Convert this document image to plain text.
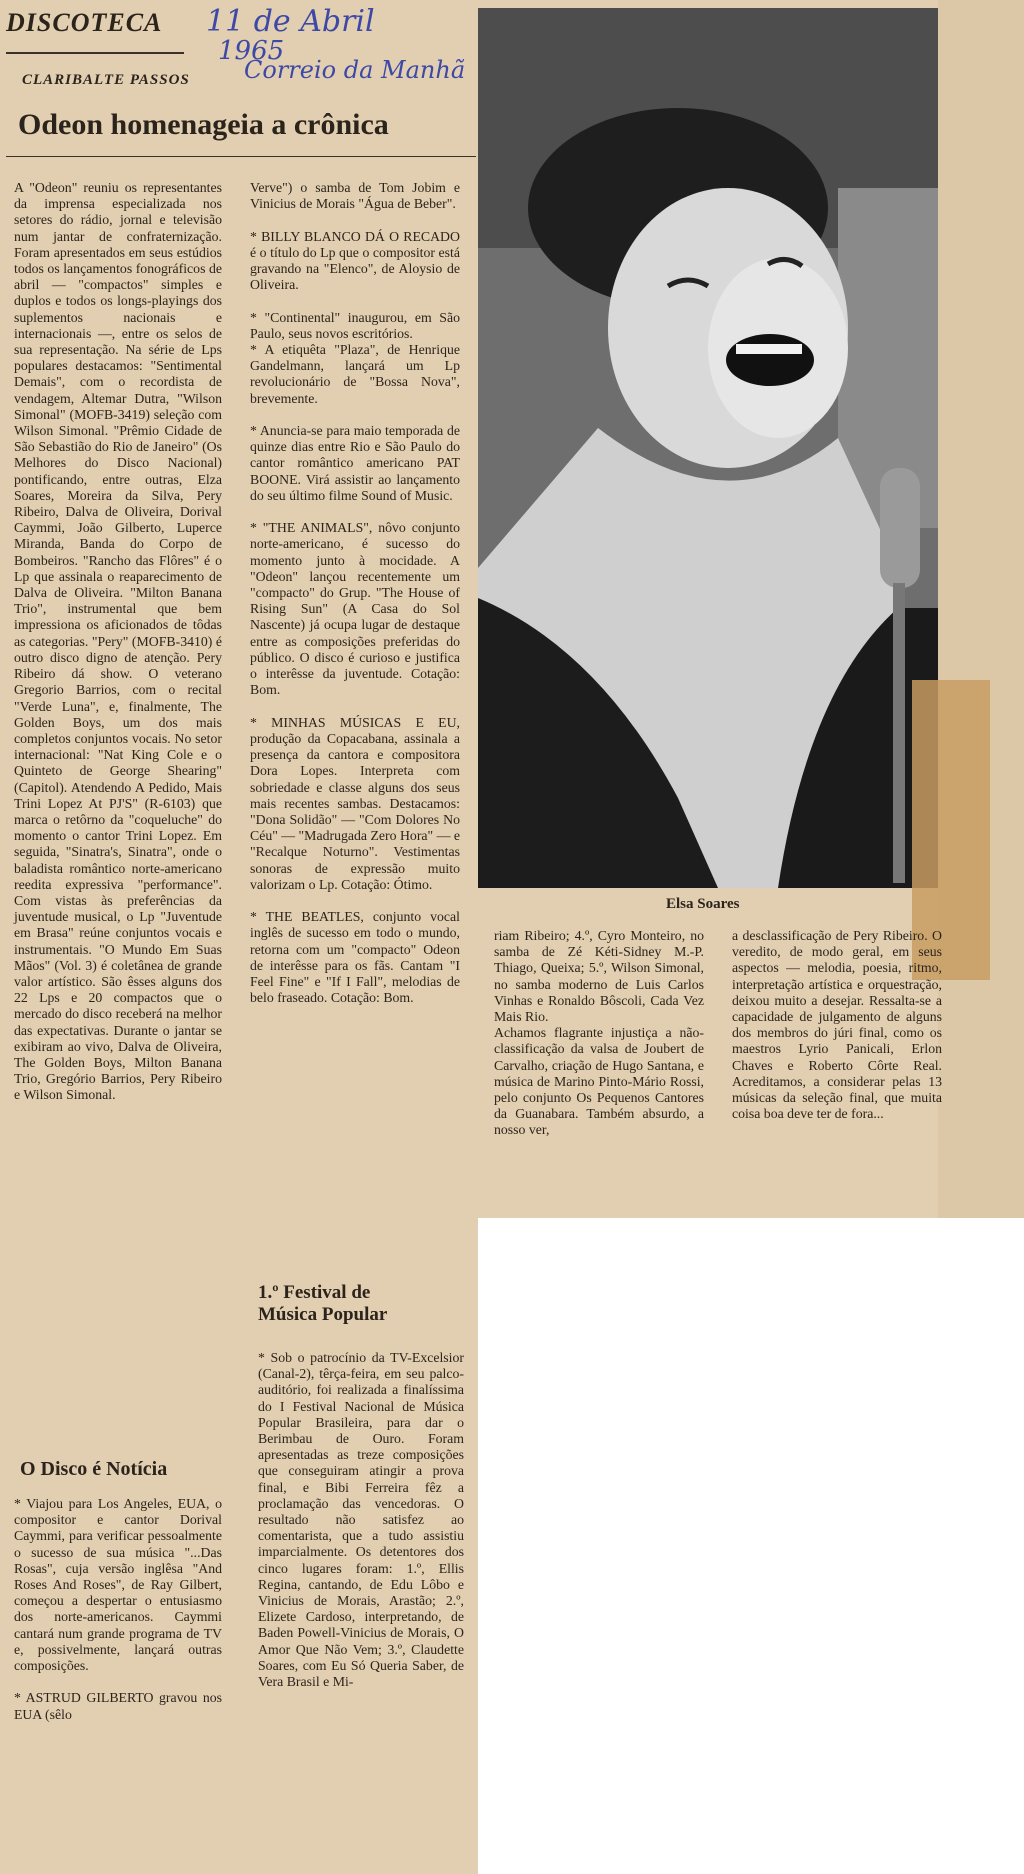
DISCOTECA
CLARIBALTE PASSOS
Odeon homenageia a crônica
11 de Abril
1965
Correio da Manhã

A "Odeon" reuniu os representantes da imprensa especializada nos setores do rádio, jornal e televisão num jantar de confraternização. Foram apresentados em seus estúdios todos os lançamentos fonográficos de abril — "compactos" simples e duplos e todos os longs-playings dos suplementos nacionais e internacionais —, entre os selos de sua representação. Na série de Lps populares destacamos: "Sentimental Demais", com o recordista de vendagem, Altemar Dutra, "Wilson Simonal" (MOFB-3419) seleção com Wilson Simonal. "Prêmio Cidade de São Sebastião do Rio de Janeiro" (Os Melhores do Disco Nacional) pontificando, entre outras, Elza Soares, Moreira da Silva, Pery Ribeiro, Dalva de Oliveira, Dorival Caymmi, João Gilberto, Luperce Miranda, Banda do Corpo de Bombeiros. "Rancho das Flôres" é o Lp que assinala o reaparecimento de Dalva de Oliveira. "Milton Banana Trio", instrumental que bem impressiona os aficionados de tôdas as categorias. "Pery" (MOFB-3410) é outro disco digno de atenção. Pery Ribeiro dá show. O veterano Gregorio Barrios, com o recital "Verde Luna", e, finalmente, The Golden Boys, um dos mais completos conjuntos vocais. No setor internacional: "Nat King Cole e o Quinteto de George Shearing" (Capitol). Atendendo A Pedido, Mais Trini Lopez At PJ'S" (R-6103) que marca o retôrno da "coqueluche" do momento o cantor Trini Lopez. Em seguida, "Sinatra's, Sinatra", onde o baladista romântico norte-americano reedita expressiva "performance". Com vistas às preferências da juventude musical, o Lp "Juventude em Brasa" reúne conjuntos vocais e instrumentais. "O Mundo Em Suas Mãos" (Vol. 3) é coletânea de grande valor artístico. São êsses alguns dos 22 Lps e 20 compactos que o mercado do disco receberá na melhor das expectativas. Durante o jantar se exibiram ao vivo, Dalva de Oliveira, The Golden Boys, Milton Banana Trio, Gregório Barrios, Pery Ribeiro e Wilson Simonal.

O Disco é Notícia

* Viajou para Los Angeles, EUA, o compositor e cantor Dorival Caymmi, para verificar pessoalmente o sucesso de sua música "...Das Rosas", cuja versão inglêsa "And Roses And Roses", de Ray Gilbert, começou a despertar o entusiasmo dos norte-americanos. Caymmi cantará num grande programa de TV e, possivelmente, lançará outras composições.

* ASTRUD GILBERTO gravou nos EUA (sêlo

Verve") o samba de Tom Jobim e Vinicius de Morais "Água de Beber".

* BILLY BLANCO DÁ O RECADO é o título do Lp que o compositor está gravando na "Elenco", de Aloysio de Oliveira.

* "Continental" inaugurou, em São Paulo, seus novos escritórios.
* A etiquêta "Plaza", de Henrique Gandelmann, lançará um Lp revolucionário de "Bossa Nova", brevemente.

* Anuncia-se para maio temporada de quinze dias entre Rio e São Paulo do cantor romântico americano PAT BOONE. Virá assistir ao lançamento do seu último filme Sound of Music.

* "THE ANIMALS", nôvo conjunto norte-americano, é sucesso do momento junto à mocidade. A "Odeon" lançou recentemente um "compacto" do Grup. "The House of Rising Sun" (A Casa do Sol Nascente) já ocupa lugar de destaque entre as composições preferidas do público. O disco é curioso e justifica o interêsse da juventude. Cotação: Bom.

* MINHAS MÚSICAS E EU, produção da Copacabana, assinala a presença da cantora e compositora Dora Lopes. Interpreta com sobriedade e classe alguns dos seus mais recentes sambas. Destacamos: "Dona Solidão" — "Com Dolores No Céu" — "Madrugada Zero Hora" — e "Recalque Noturno". Vestimentas sonoras de expressão muito valorizam o Lp. Cotação: Ótimo.

* THE BEATLES, conjunto vocal inglês de sucesso em todo o mundo, retorna com um "compacto" Odeon de interêsse para os fãs. Cantam "I Feel Fine" e "If I Fall", melodias de belo fraseado. Cotação: Bom.

1.º Festival de Música Popular

* Sob o patrocínio da TV-Excelsior (Canal-2), têrça-feira, em seu palco-auditório, foi realizada a finalíssima do I Festival Nacional de Música Popular Brasileira, para dar o Berimbau de Ouro. Foram apresentadas as treze composições que conseguiram atingir a prova final, e Bibi Ferreira fêz a proclamação das vencedoras. O resultado não satisfez ao comentarista, que a tudo assistiu imparcialmente. Os detentores dos cinco lugares foram: 1.º, Ellis Regina, cantando, de Edu Lôbo e Vinicius de Morais, Arastão; 2.º, Elizete Cardoso, interpretando, de Baden Powell-Vinicius de Morais, O Amor Que Não Vem; 3.º, Claudette Soares, com Eu Só Queria Saber, de Vera Brasil e Mi-

Elsa Soares

riam Ribeiro; 4.º, Cyro Monteiro, no samba de Zé Kéti-Sidney M.-P. Thiago, Queixa; 5.º, Wilson Simonal, no samba moderno de Luis Carlos Vinhas e Ronaldo Bôscoli, Cada Vez Mais Rio.
Achamos flagrante injustiça a não-classificação da valsa de Joubert de Carvalho, criação de Hugo Santana, e música de Marino Pinto-Mário Rossi, pelo conjunto Os Pequenos Cantores da Guanabara. Também absurdo, a nosso ver,

a desclassificação de Pery Ribeiro. O veredito, de modo geral, em seus aspectos — melodia, poesia, ritmo, interpretação artística e orquestração, deixou muito a desejar. Ressalta-se a capacidade de julgamento de alguns dos membros do júri final, como os maestros Lyrio Panicali, Erlon Chaves e Roberto Côrte Real. Acreditamos, a considerar pelas 13 músicas da seleção final, que muita coisa boa deve ter de fora...
